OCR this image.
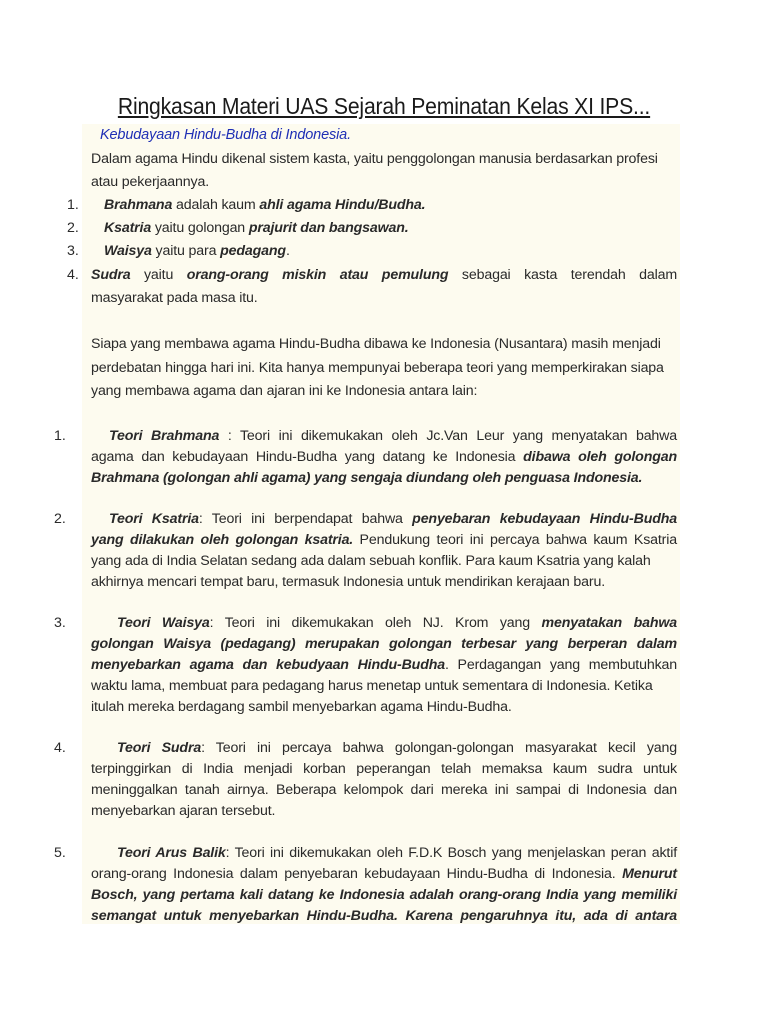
Ringkasan Materi UAS Sejarah Peminatan Kelas XI IPS...
Kebudayaan Hindu-Budha di Indonesia.
Dalam agama Hindu dikenal sistem kasta, yaitu penggolongan manusia berdasarkan profesi
atau pekerjaannya.
1. Brahmana adalah kaum ahli agama Hindu/Budha.
2. Ksatria yaitu golongan prajurit dan bangsawan.
3. Waisya yaitu para pedagang.
4. Sudra yaitu orang-orang miskin atau pemulung sebagai kasta terendah dalam
masyarakat pada masa itu.
Siapa yang membawa agama Hindu-Budha dibawa ke Indonesia (Nusantara) masih menjadi
perdebatan hingga hari ini. Kita hanya mempunyai beberapa teori yang memperkirakan siapa
yang membawa agama dan ajaran ini ke Indonesia antara lain:
1.	Teori Brahmana : Teori ini dikemukakan oleh Jc.Van Leur yang menyatakan bahwa
agama dan kebudayaan Hindu-Budha yang datang ke Indonesia dibawa oleh golongan
Brahmana (golongan ahli agama) yang sengaja diundang oleh penguasa Indonesia.
2.	Teori Ksatria: Teori ini berpendapat bahwa penyebaran kebudayaan Hindu-Budha
yang dilakukan oleh golongan ksatria. Pendukung teori ini percaya bahwa kaum Ksatria
yang ada di India Selatan sedang ada dalam sebuah konflik. Para kaum Ksatria yang kalah
akhirnya mencari tempat baru, termasuk Indonesia untuk mendirikan kerajaan baru.
3.	Teori Waisya: Teori ini dikemukakan oleh NJ. Krom yang menyatakan bahwa
golongan Waisya (pedagang) merupakan golongan terbesar yang berperan dalam
menyebarkan agama dan kebudyaan Hindu-Budha. Perdagangan yang membutuhkan
waktu lama, membuat para pedagang harus menetap untuk sementara di Indonesia. Ketika
itulah mereka berdagang sambil menyebarkan agama Hindu-Budha.
4.	Teori Sudra: Teori ini percaya bahwa golongan-golongan masyarakat kecil yang
terpinggirkan di India menjadi korban peperangan telah memaksa kaum sudra untuk
meninggalkan tanah airnya. Beberapa kelompok dari mereka ini sampai di Indonesia dan
menyebarkan ajaran tersebut.
5.	Teori Arus Balik: Teori ini dikemukakan oleh F.D.K Bosch yang menjelaskan peran aktif
orang-orang Indonesia dalam penyebaran kebudayaan Hindu-Budha di Indonesia. Menurut
Bosch, yang pertama kali datang ke Indonesia adalah orang-orang India yang memiliki
semangat untuk menyebarkan Hindu-Budha. Karena pengaruhnya itu, ada di antara
